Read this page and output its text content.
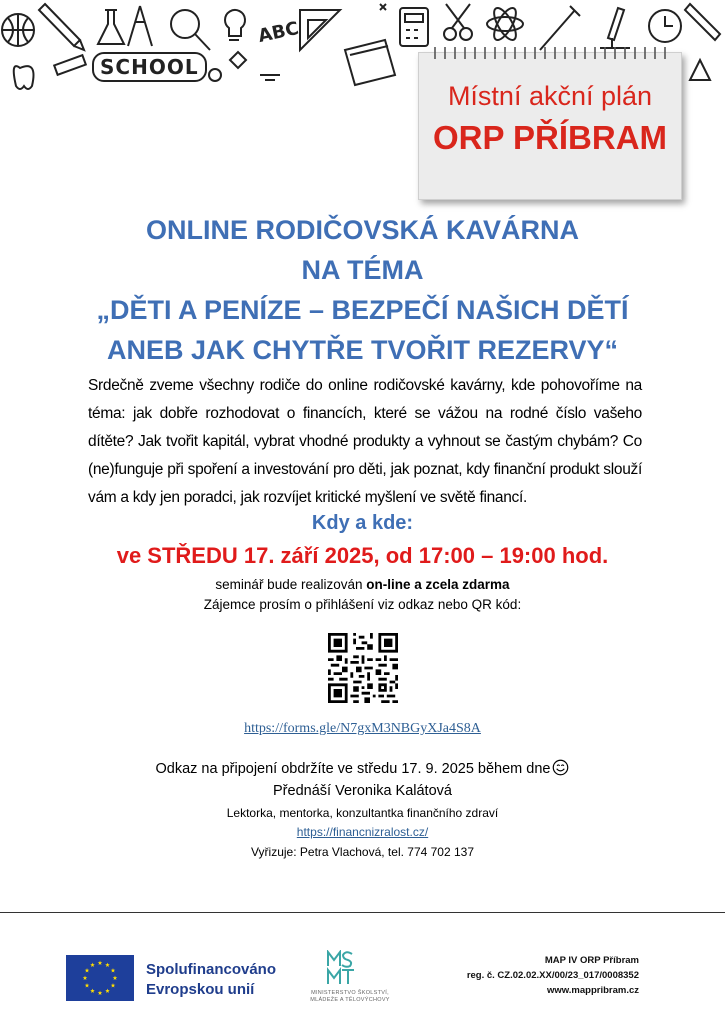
SCHOOL
ABC
Místní akční plán
ORP PŘÍBRAM
ONLINE RODIČOVSKÁ KAVÁRNA
NA TÉMA
„DĚTI A PENÍZE – BEZPEČÍ NAŠICH DĚTÍ
ANEB JAK CHYTŘE TVOŘIT REZERVY“
Srdečně zveme všechny rodiče do online rodičovské kavárny, kde pohovoříme na téma: jak dobře rozhodovat o financích, které se vážou na rodné číslo vašeho dítěte? Jak tvořit kapitál, vybrat vhodné produkty a vyhnout se častým chybám? Co (ne)funguje při spoření a investování pro děti, jak poznat, kdy finanční produkt slouží vám a kdy jen poradci, jak rozvíjet kritické myšlení ve světě financí.
Kdy a kde:
ve STŘEDU 17. září 2025, od 17:00 – 19:00 hod.
seminář bude realizován on-line a zcela zdarma
Zájemce prosím o přihlášení viz odkaz nebo QR kód:
https://forms.gle/N7gxM3NBGyXJa4S8A
Odkaz na připojení obdržíte ve středu 17. 9. 2025 během dne
Přednáší Veronika Kalátová
Lektorka, mentorka, konzultantka finančního zdraví
https://financnizralost.cz/
Vyřizuje: Petra Vlachová, tel. 774 702 137
Spolufinancováno
Evropskou unií	MINISTERSTVO ŠKOLSTVÍ,
MLÁDEŽE A TĚLOVÝCHOVY
MAP IV ORP Příbram
reg. č. CZ.02.02.XX/00/23_017/0008352
www.mappribram.cz
